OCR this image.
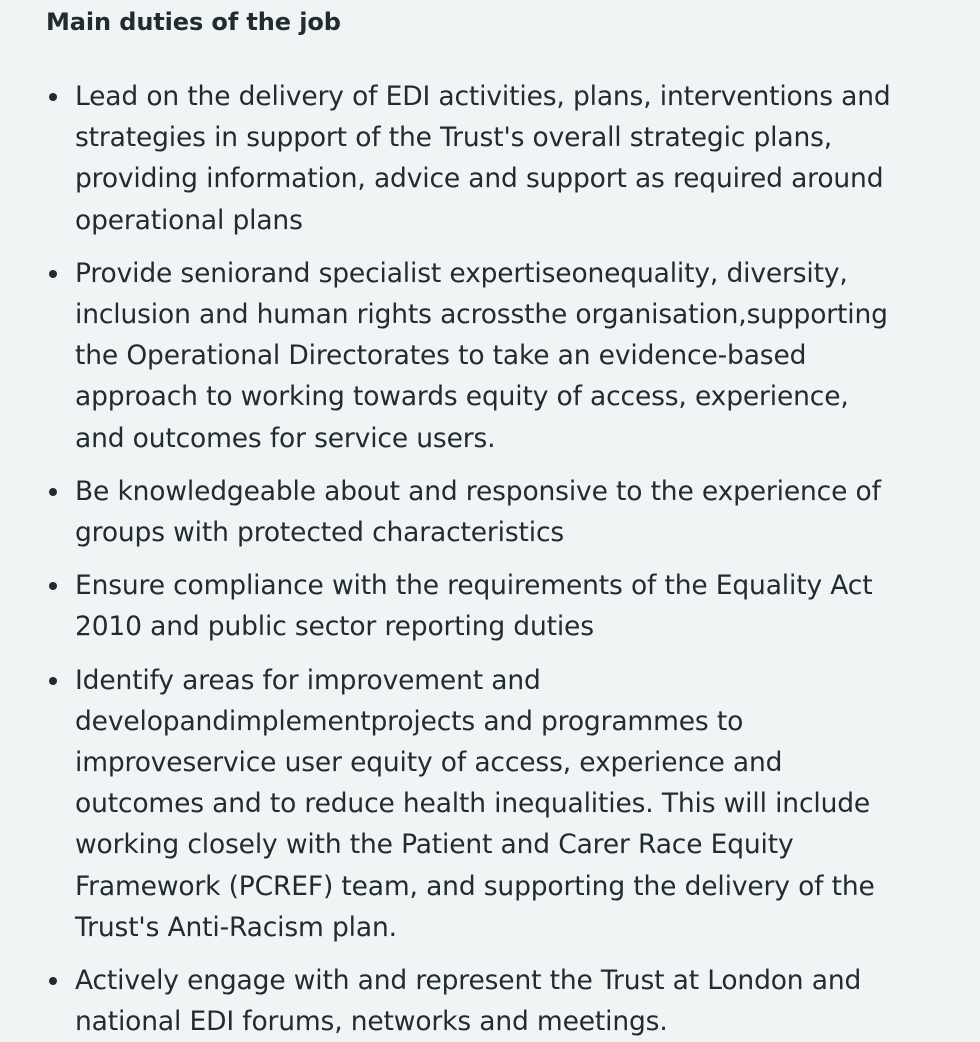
Main duties of the job
Lead on the delivery of EDI activities, plans, interventions and strategies in support of the Trust's overall strategic plans, providing information, advice and support as required around operational plans
Provide seniorand specialist expertiseonequality, diversity, inclusion and human rights acrossthe organisation,supporting the Operational Directorates to take an evidence-based approach to working towards equity of access, experience, and outcomes for service users.
Be knowledgeable about and responsive to the experience of groups with protected characteristics
Ensure compliance with the requirements of the Equality Act 2010 and public sector reporting duties
Identify areas for improvement and developandimplementprojects and programmes to improveservice user equity of access, experience and outcomes and to reduce health inequalities. This will include working closely with the Patient and Carer Race Equity Framework (PCREF) team, and supporting the delivery of the Trust's Anti-Racism plan.
Actively engage with and represent the Trust at London and national EDI forums, networks and meetings.
